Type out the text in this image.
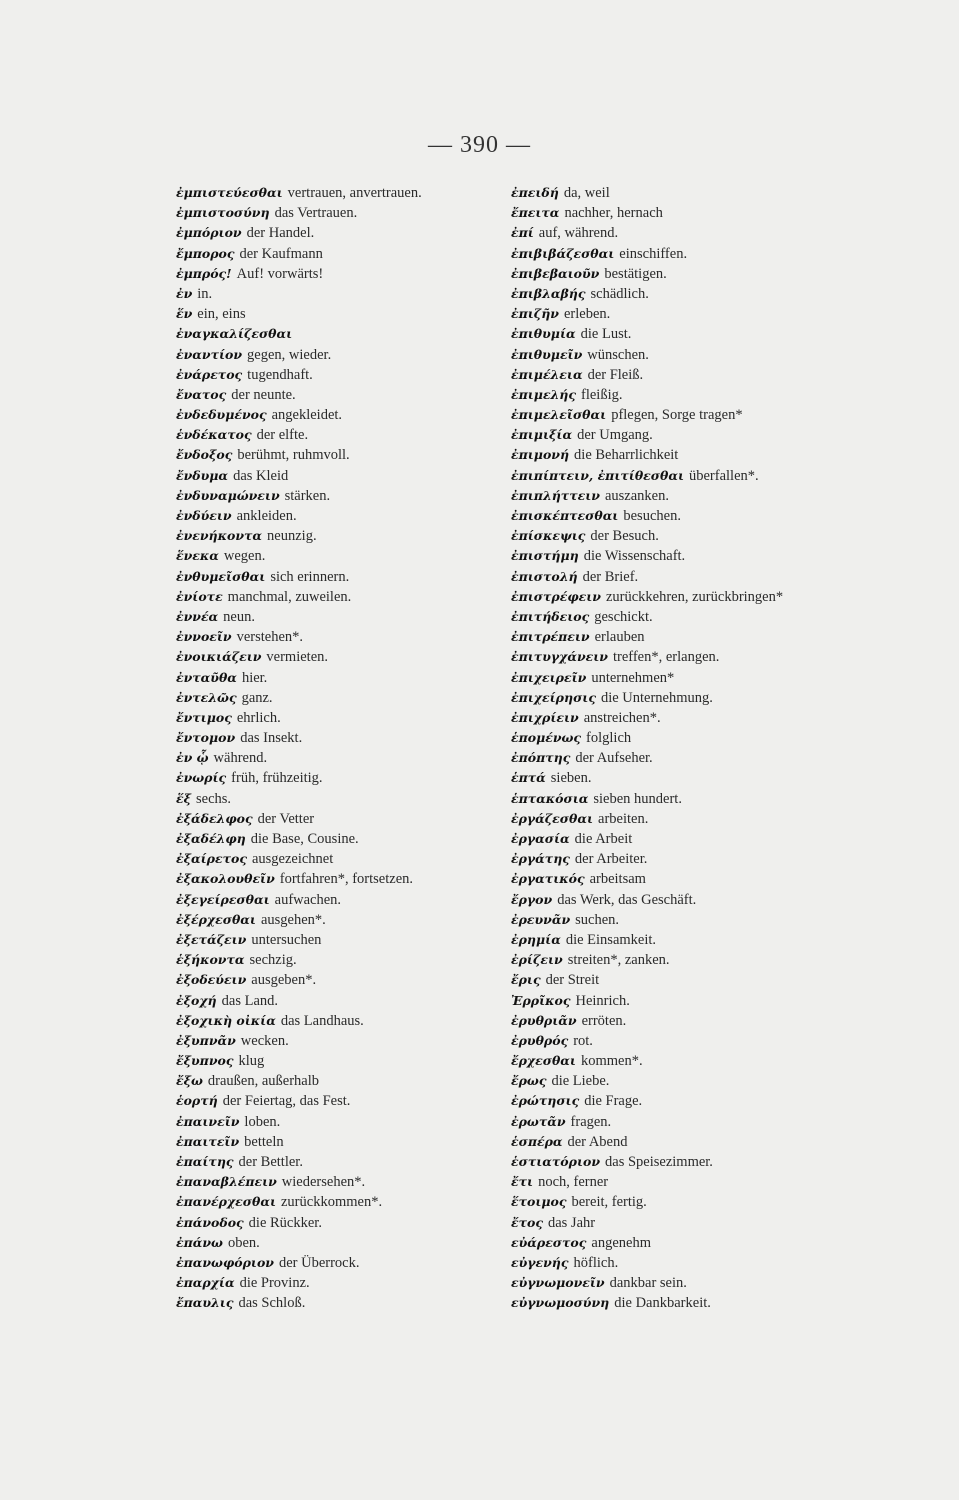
— 390 —
ἐμπιστεύεσθαι vertrauen, anvertrauen.
ἐμπιστοσύνη das Vertrauen.
ἐμπόριον der Handel.
ἔμπορος der Kaufmann
ἐμπρός! Auf! vorwärts!
ἐν in.
ἕν ein, eins
ἐναγκαλίζεσθαι
ἐναντίον gegen, wieder.
ἐνάρετος tugendhaft.
ἔνατος der neunte.
ἐνδεδυμένος angekleidet.
ἑνδέκατος der elfte.
ἔνδοξος berühmt, ruhmvoll.
ἔνδυμα das Kleid
ἐνδυναμώνειν stärken.
ἐνδύειν ankleiden.
ἐνενήκοντα neunzig.
ἕνεκα wegen.
ἐνθυμεῖσθαι sich erinnern.
ἐνίοτε manchmal, zuweilen.
ἐννέα neun.
ἐννοεῖν verstehen*.
ἐνοικιάζειν vermieten.
ἐνταῦθα hier.
ἐντελῶς ganz.
ἔντιμος ehrlich.
ἔντομον das Insekt.
ἐν ᾧ während.
ἐνωρίς früh, frühzeitig.
ἕξ sechs.
ἐξάδελφος der Vetter
ἐξαδέλφη die Base, Cousine.
ἐξαίρετος ausgezeichnet
ἐξακολουθεῖν fortfahren*, fortsetzen.
ἐξεγείρεσθαι aufwachen.
ἐξέρχεσθαι ausgehen*.
ἐξετάζειν untersuchen
ἑξήκοντα sechzig.
ἐξοδεύειν ausgeben*.
ἐξοχή das Land.
ἐξοχικὴ οἰκία das Landhaus.
ἐξυπνᾶν wecken.
ἔξυπνος klug
ἔξω draußen, außerhalb
ἑορτή der Feiertag, das Fest.
ἐπαινεῖν loben.
ἐπαιτεῖν betteln
ἐπαίτης der Bettler.
ἐπαναβλέπειν wiedersehen*.
ἐπανέρχεσθαι zurückkommen*.
ἐπάνοδος die Rückker.
ἐπάνω oben.
ἐπανωφόριον der Überrock.
ἐπαρχία die Provinz.
ἔπαυλις das Schloß.
ἐπειδή da, weil
ἔπειτα nachher, hernach
ἐπί auf, während.
ἐπιβιβάζεσθαι einschiffen.
ἐπιβεβαιοῦν bestätigen.
ἐπιβλαβής schädlich.
ἐπιζῆν erleben.
ἐπιθυμία die Lust.
ἐπιθυμεῖν wünschen.
ἐπιμέλεια der Fleiß.
ἐπιμελής fleißig.
ἐπιμελεῖσθαι pflegen, Sorge tragen*
ἐπιμιξία der Umgang.
ἐπιμονή die Beharrlichkeit
ἐπιπίπτειν, ἐπιτίθεσθαι überfallen*.
ἐπιπλήττειν auszanken.
ἐπισκέπτεσθαι besuchen.
ἐπίσκεψις der Besuch.
ἐπιστήμη die Wissenschaft.
ἐπιστολή der Brief.
ἐπιστρέφειν zurückkehren, zurückbringen*
ἐπιτήδειος geschickt.
ἐπιτρέπειν erlauben
ἐπιτυγχάνειν treffen*, erlangen.
ἐπιχειρεῖν unternehmen*
ἐπιχείρησις die Unternehmung.
ἐπιχρίειν anstreichen*.
ἑπομένως folglich
ἐπόπτης der Aufseher.
ἑπτά sieben.
ἑπτακόσια sieben hundert.
ἐργάζεσθαι arbeiten.
ἐργασία die Arbeit
ἐργάτης der Arbeiter.
ἐργατικός arbeitsam
ἔργον das Werk, das Geschäft.
ἐρευνᾶν suchen.
ἐρημία die Einsamkeit.
ἐρίζειν streiten*, zanken.
ἔρις der Streit
Ἐρρῖκος Heinrich.
ἐρυθριᾶν erröten.
ἐρυθρός rot.
ἔρχεσθαι kommen*.
ἔρως die Liebe.
ἐρώτησις die Frage.
ἐρωτᾶν fragen.
ἑσπέρα der Abend
ἑστιατόριον das Speisezimmer.
ἔτι noch, ferner
ἕτοιμος bereit, fertig.
ἔτος das Jahr
εὐάρεστος angenehm
εὐγενής höflich.
εὐγνωμονεῖν dankbar sein.
εὐγνωμοσύνη die Dankbarkeit.
